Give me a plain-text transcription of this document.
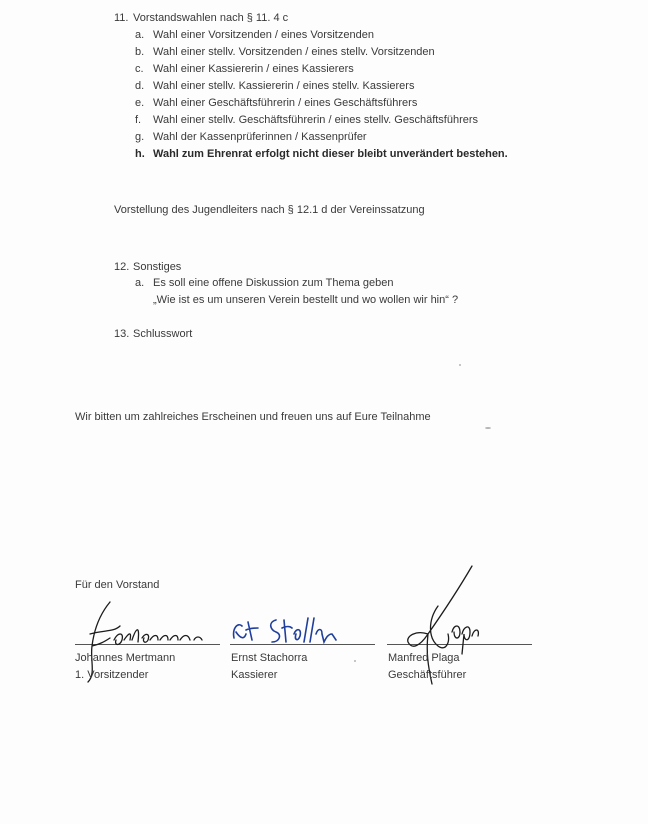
11. Vorstandswahlen nach § 11. 4 c
a. Wahl einer Vorsitzenden / eines Vorsitzenden
b. Wahl einer stellv. Vorsitzenden / eines stellv. Vorsitzenden
c. Wahl einer Kassiererin / eines Kassierers
d. Wahl einer stellv. Kassiererin / eines stellv. Kassierers
e. Wahl einer Geschäftsführerin / eines Geschäftsführers
f. Wahl einer stellv. Geschäftsführerin / eines stellv. Geschäftsführers
g. Wahl der Kassenprüferinnen / Kassenprüfer
h. Wahl zum Ehrenrat erfolgt nicht dieser bleibt unverändert bestehen.
Vorstellung des Jugendleiters nach § 12.1 d der Vereinssatzung
12. Sonstiges
a. Es soll eine offene Diskussion zum Thema geben
„Wie ist es um unseren Verein bestellt und wo wollen wir hin“ ?
13. Schlusswort
Wir bitten um zahlreiches Erscheinen und freuen uns auf Eure Teilnahme
Für den Vorstand
Johannes Mertmann
1. Vorsitzender
Ernst Stachorra
Kassierer
Manfred Plaga
Geschäftsführer
